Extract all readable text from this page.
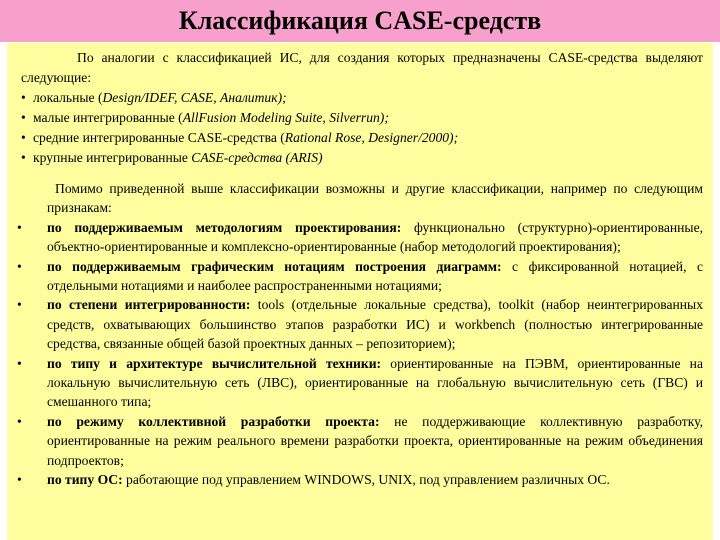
Классификация CASE-средств
По аналогии с классификацией ИС, для создания которых предназначены CASE-средства выделяют следующие:
• локальные (Design/IDEF, CASE, Аналитик);
• малые интегрированные (AllFusion Modeling Suite, Silverrun);
• средние интегрированные CASE-средства (Rational Rose, Designer/2000);
• крупные интегрированные CASE-средства (ARIS)
Помимо приведенной выше классификации возможны и другие классификации, например по следующим признакам:
• по поддерживаемым методологиям проектирования: функционально (структурно)-ориентированные, объектно-ориентированные и комплексно-ориентированные (набор методологий проектирования);
• по поддерживаемым графическим нотациям построения диаграмм: с фиксированной нотацией, с отдельными нотациями и наиболее распространенными нотациями;
• по степени интегрированности: tools (отдельные локальные средства), toolkit (набор неинтегрированных средств, охватывающих большинство этапов разработки ИС) и workbench (полностью интегрированные средства, связанные общей базой проектных данных – репозиторием);
• по типу и архитектуре вычислительной техники: ориентированные на ПЭВМ, ориентированные на локальную вычислительную сеть (ЛВС), ориентированные на глобальную вычислительную сеть (ГВС) и смешанного типа;
• по режиму коллективной разработки проекта: не поддерживающие коллективную разработку, ориентированные на режим реального времени разработки проекта, ориентированные на режим объединения подпроектов;
• по типу ОС: работающие под управлением WINDOWS, UNIX, под управлением различных ОС.
